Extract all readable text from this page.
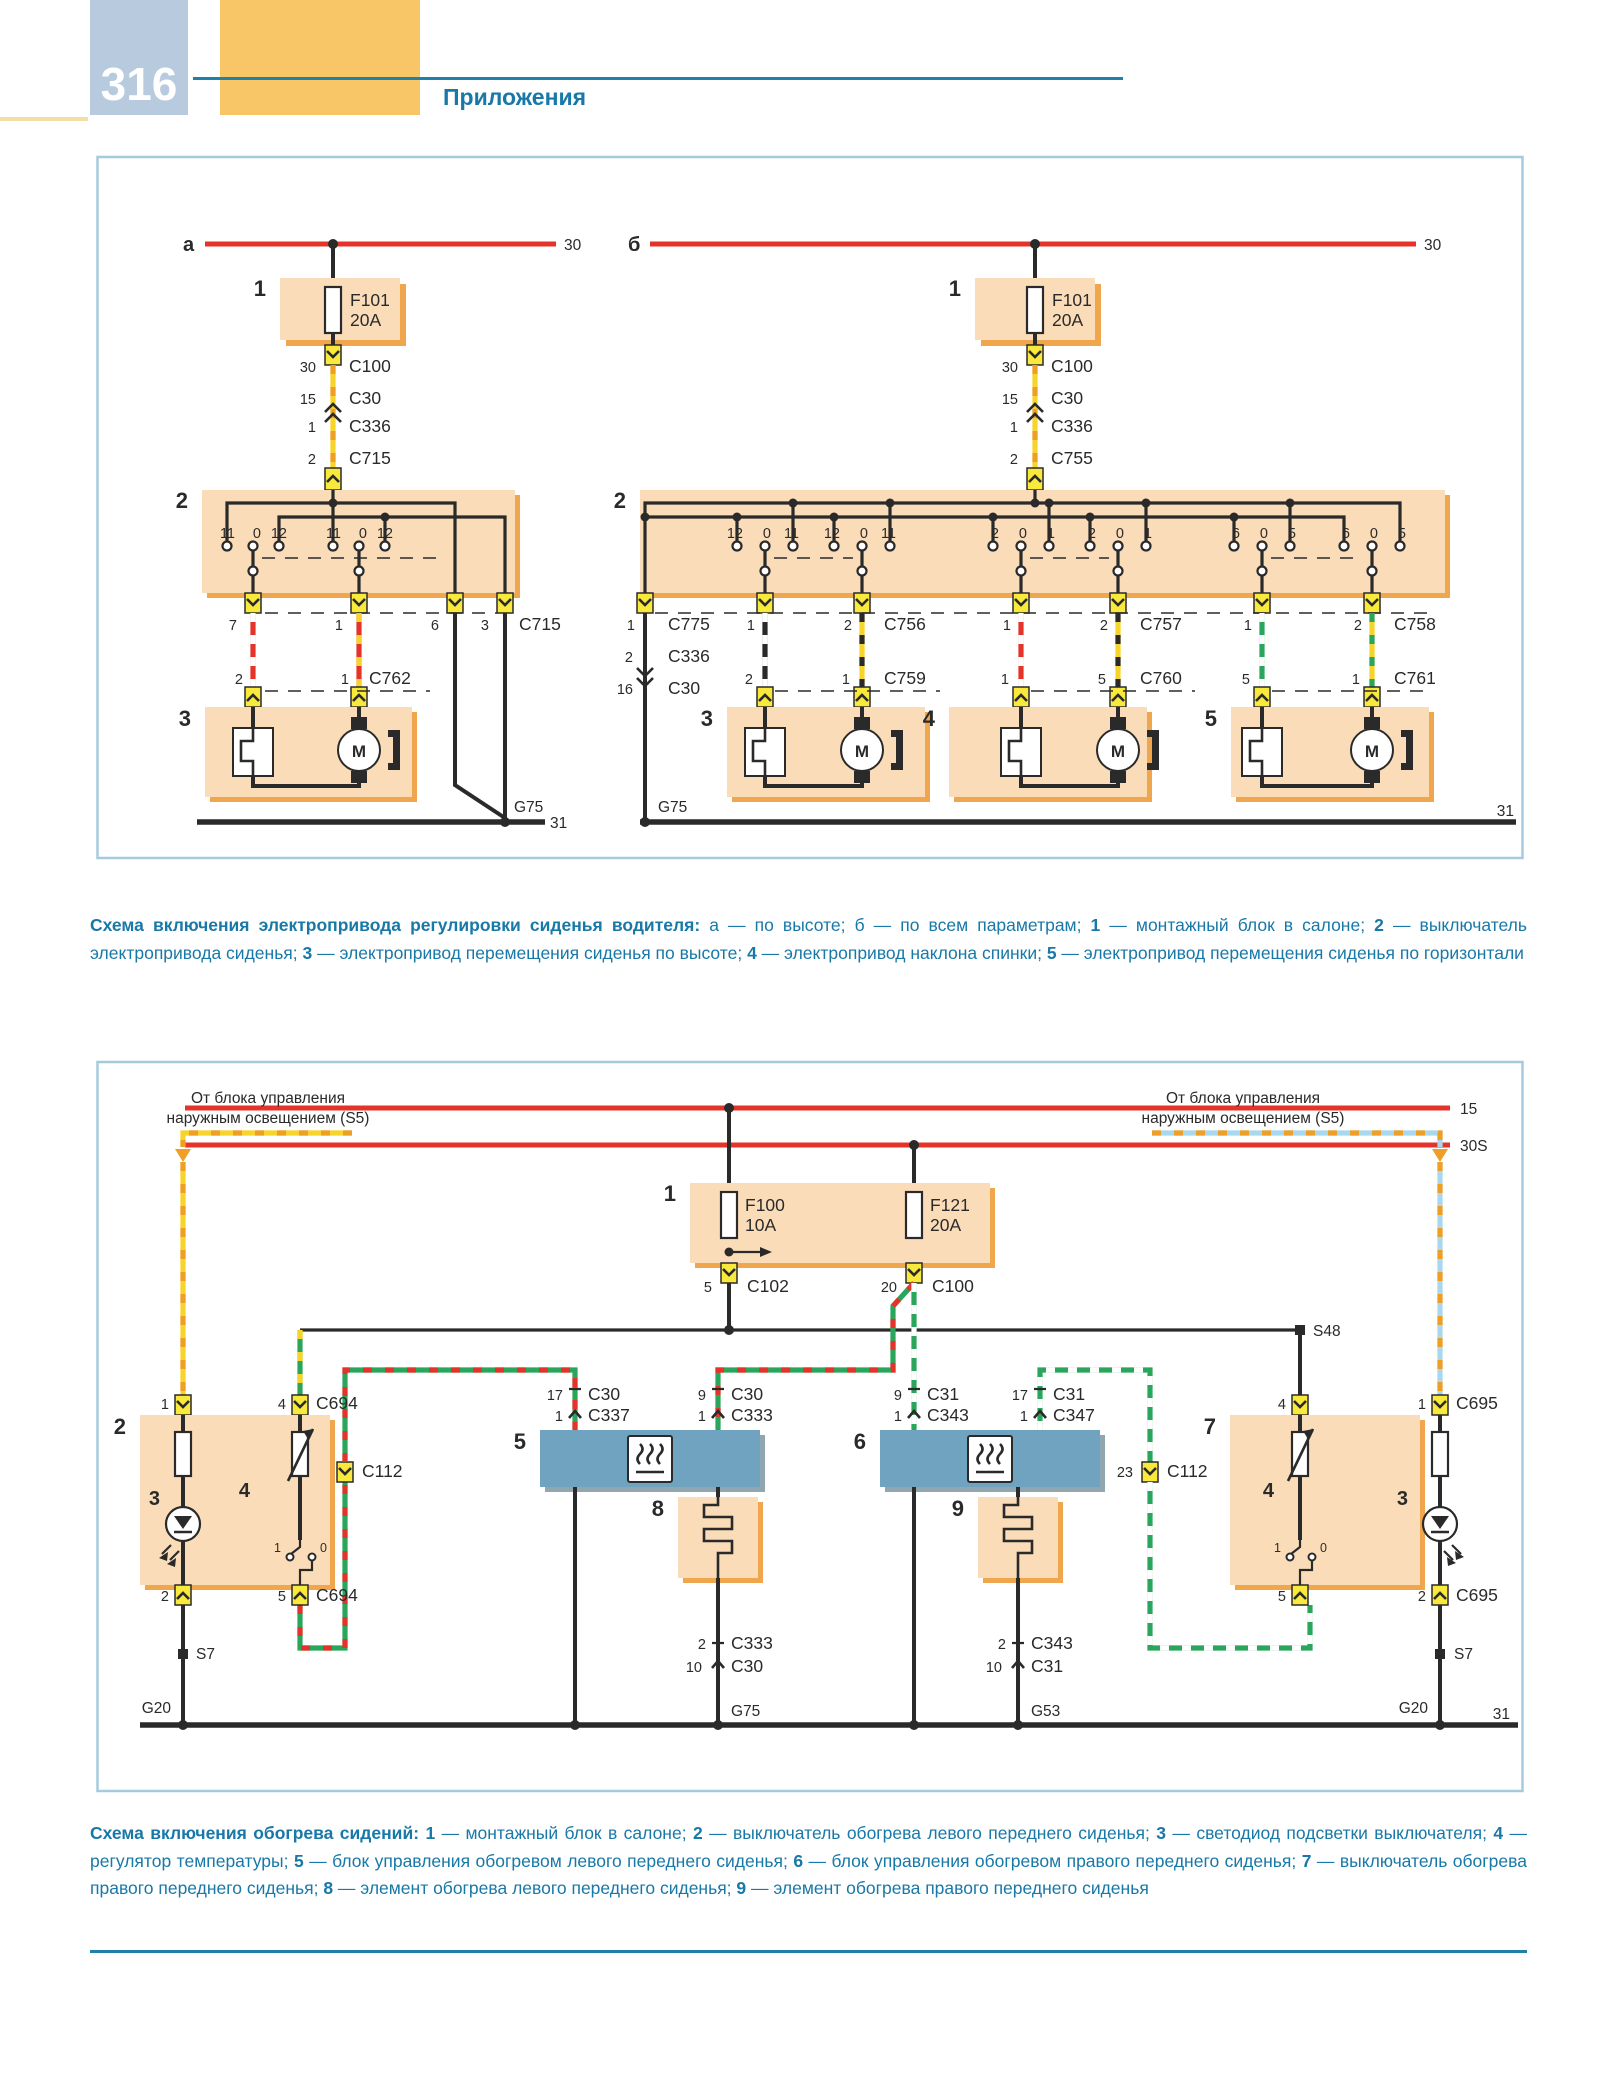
316	Приложения
а	30
1	F101
20A
30 C100
15 C30
1 C336
2 C715
2
11 0 12	11 0 12
7	1	6	3 C715
2	1 C762
3
M
G75
31
б	30
1	F101
20A
30 C100
15 C30
1 C336
2 C755
2
12 0 11 12 0 11	2 0 1 2 0 1	6 0 5	6 0 5
1 C775	1	2 C756	1	2 C757	1	2 C758
2 C336
16 C30	2	1 C759	1	5 C760	5	1 C761
3
M
4
M
5
M
G75	31
15
30S
1	F100
10A
F121
20A
5 C102	20 C100
S48
От блока управления
наружным освещением (S5)
От блока управления
наружным освещением (S5)
C112	23 C112
17 C30
1 C337
9 C30
1 C333
9 C31
1 C343
17 C31
1 C347
5	6
8	9
2 C333
10 C30
G75
2 C343
10 C31
G53
1	4 C694
2
4
3
1	0
2	5 C694
S7
G20
4	1 C695
7
4	3
1	0
5	2 C695
S7
G20	31
Схема включения электропривода регулировки сиденья водителя: а — по высоте; б — по всем параметрам; 1 — монтажный блок в салоне; 2 — выключатель электропривода сиденья; 3 — электропривод перемещения сиденья по высоте; 4 — электропривод наклона спинки; 5 — электропривод перемещения сиденья по горизонтали
Схема включения обогрева сидений: 1 — монтажный блок в салоне; 2 — выключатель обогрева левого переднего сиденья; 3 — светодиод подсветки выключателя; 4 — регулятор температуры; 5 — блок управления обогревом левого переднего сиденья; 6 — блок управления обогревом правого переднего сиденья; 7 — выключатель обогрева правого переднего сиденья; 8 — элемент обогрева левого переднего сиденья; 9 — элемент обогрева правого переднего сиденья
